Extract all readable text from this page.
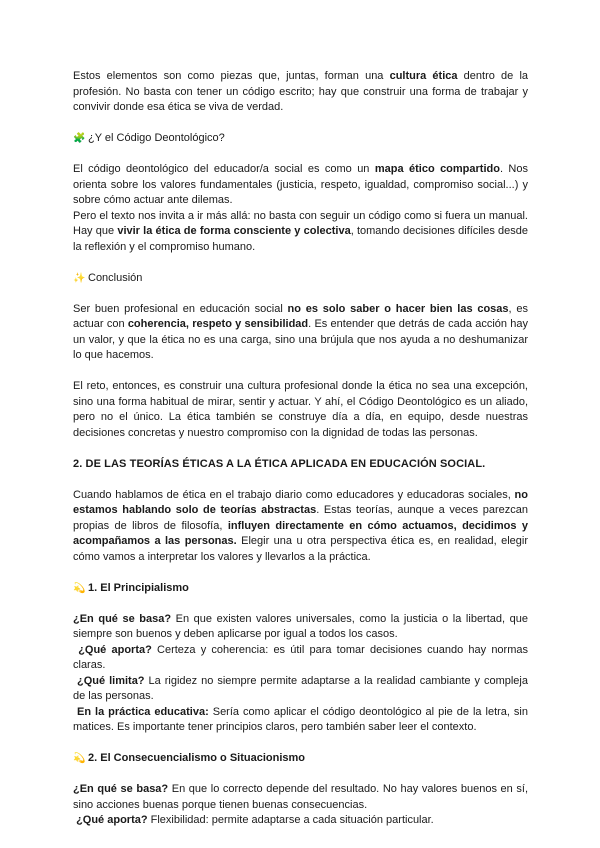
Estos elementos son como piezas que, juntas, forman una cultura ética dentro de la profesión. No basta con tener un código escrito; hay que construir una forma de trabajar y convivir donde esa ética se viva de verdad.

🧩 ¿Y el Código Deontológico?

El código deontológico del educador/a social es como un mapa ético compartido. Nos orienta sobre los valores fundamentales (justicia, respeto, igualdad, compromiso social...) y sobre cómo actuar ante dilemas.

Pero el texto nos invita a ir más allá: no basta con seguir un código como si fuera un manual. Hay que vivir la ética de forma consciente y colectiva, tomando decisiones difíciles desde la reflexión y el compromiso humano.

✨ Conclusión

Ser buen profesional en educación social no es solo saber o hacer bien las cosas, es actuar con coherencia, respeto y sensibilidad. Es entender que detrás de cada acción hay un valor, y que la ética no es una carga, sino una brújula que nos ayuda a no deshumanizar lo que hacemos.

El reto, entonces, es construir una cultura profesional donde la ética no sea una excepción, sino una forma habitual de mirar, sentir y actuar. Y ahí, el Código Deontológico es un aliado, pero no el único. La ética también se construye día a día, en equipo, desde nuestras decisiones concretas y nuestro compromiso con la dignidad de todas las personas.

2. DE LAS TEORÍAS ÉTICAS A LA ÉTICA APLICADA EN EDUCACIÓN SOCIAL.

Cuando hablamos de ética en el trabajo diario como educadores y educadoras sociales, no estamos hablando solo de teorías abstractas. Estas teorías, aunque a veces parezcan propias de libros de filosofía, influyen directamente en cómo actuamos, decidimos y acompañamos a las personas. Elegir una u otra perspectiva ética es, en realidad, elegir cómo vamos a interpretar los valores y llevarlos a la práctica.

💫 1. El Principialismo

¿En qué se basa? En que existen valores universales, como la justicia o la libertad, que siempre son buenos y deben aplicarse por igual a todos los casos.

¿Qué aporta? Certeza y coherencia: es útil para tomar decisiones cuando hay normas claras.

¿Qué limita? La rigidez no siempre permite adaptarse a la realidad cambiante y compleja de las personas.

En la práctica educativa: Sería como aplicar el código deontológico al pie de la letra, sin matices. Es importante tener principios claros, pero también saber leer el contexto.

💫 2. El Consecuencialismo o Situacionismo

¿En qué se basa? En que lo correcto depende del resultado. No hay valores buenos en sí, sino acciones buenas porque tienen buenas consecuencias.

¿Qué aporta? Flexibilidad: permite adaptarse a cada situación particular.
